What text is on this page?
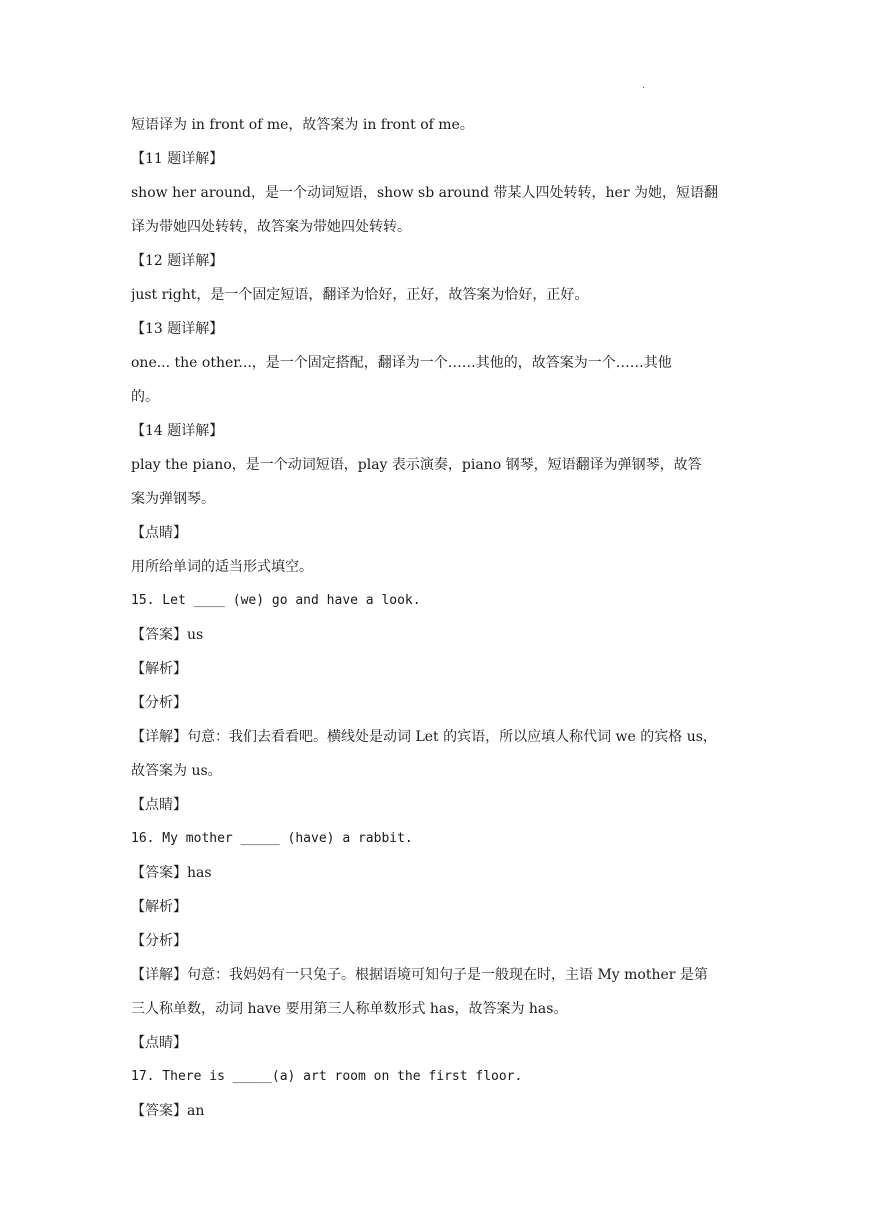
.
短语译为 in front of me，故答案为 in front of me。
【11 题详解】
show her around，是一个动词短语，show sb around 带某人四处转转，her 为她，短语翻
译为带她四处转转，故答案为带她四处转转。
【12 题详解】
just right，是一个固定短语，翻译为恰好，正好，故答案为恰好，正好。
【13 题详解】
one... the other...，是一个固定搭配，翻译为一个……其他的，故答案为一个……其他
的。
【14 题详解】
play the piano，是一个动词短语，play 表示演奏，piano 钢琴，短语翻译为弹钢琴，故答
案为弹钢琴。
【点睛】
用所给单词的适当形式填空。
15. Let ____ (we) go and have a look.
【答案】us
【解析】
【分析】
【详解】句意：我们去看看吧。横线处是动词 Let 的宾语，所以应填人称代词 we 的宾格 us，
故答案为 us。
【点睛】
16. My mother _____ (have) a rabbit.
【答案】has
【解析】
【分析】
【详解】句意：我妈妈有一只兔子。根据语境可知句子是一般现在时，主语 My mother 是第
三人称单数，动词 have 要用第三人称单数形式 has，故答案为 has。
【点睛】
17. There is _____(a) art room on the first floor.
【答案】an
